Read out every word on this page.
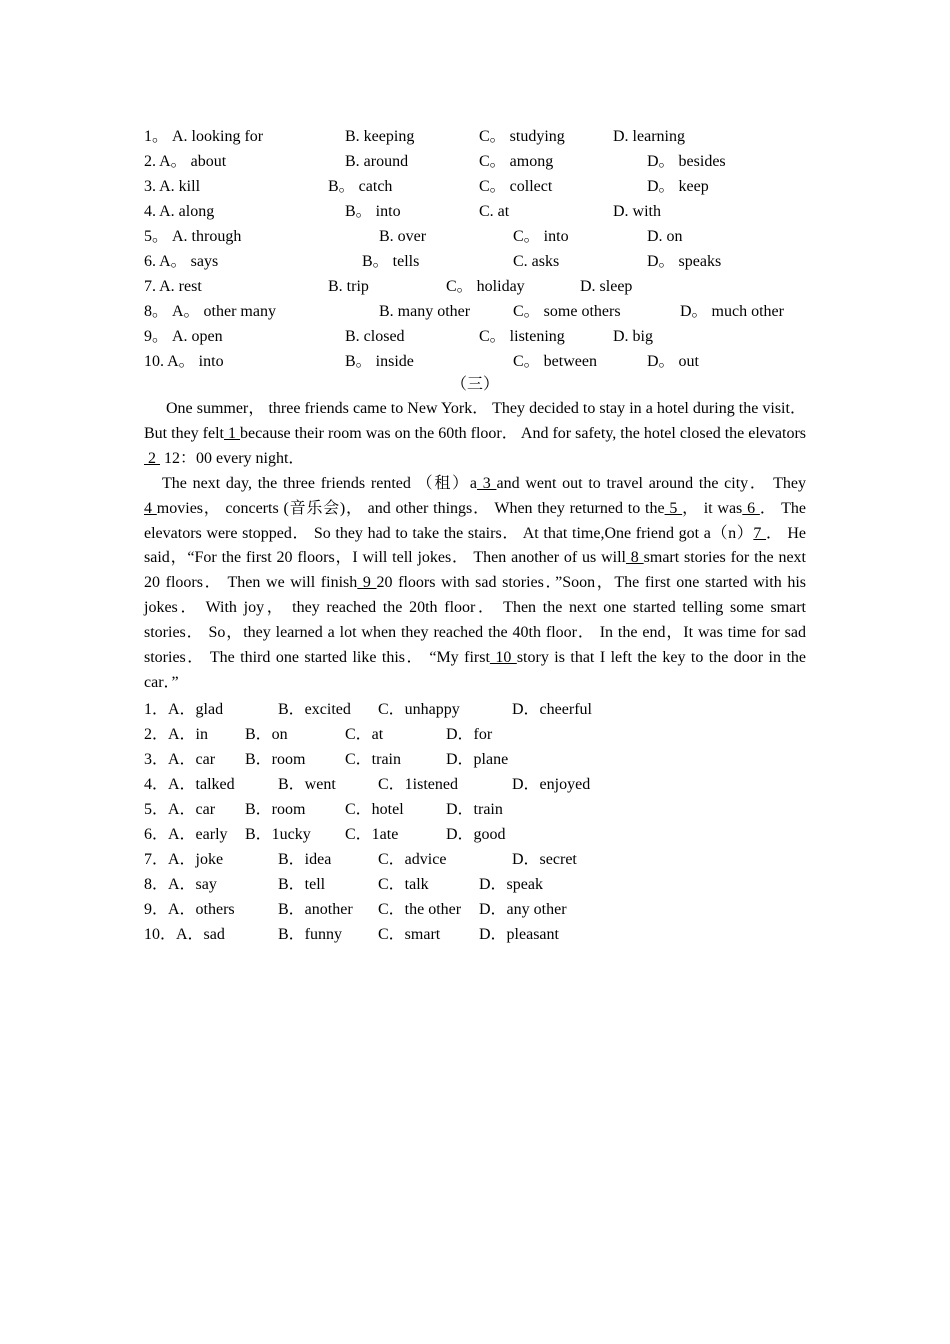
1。 A. looking for	B. keeping	C。 studying	D. learning
2. A。 about	B. around	C。 among	D。 besides
3. A. kill	B。 catch	C。 collect	D。 keep
4. A. along	B。 into	C. at	D. with
5。 A. through	B. over	C。 into	D. on
6. A。 says	B。 tells	C. asks	D。 speaks
7. A. rest	B. trip	C。 holiday	D. sleep
8。 A。 other many	B. many other	C。 some others	D。 much other
9。 A. open	B. closed	C。 listening	D. big
10. A。 into	B。 inside	C。 between	D。 out
（三）

One summer， three friends came to New York． They decided to stay in a hotel during the visit． But they felt 1 because their room was on the 60th floor． And for safety, the hotel closed the elevators 2  12：00 every night．

The next day, the three friends rented （租）a 3 and went out to travel around the city． They 4 movies， concerts (音乐会)， and other things． When they returned to the 5 ， it was 6 ． The elevators were stopped． So they had to take the stairs． At that time,One friend got a（n）7 ． He said，“For the first 20 floors，I will tell jokes． Then another of us will 8 smart stories for the next 20 floors． Then we will finish 9 20 floors with sad stories．”Soon，The first one started with his jokes． With joy， they reached the 20th floor． Then the next one started telling some smart stories． So，they learned a lot when they reached the 40th floor． In the end，It was time for sad stories． The third one started like this． “My first 10 story is that I left the key to the door in the car．”

1．A．glad	B．excited C．unhappy	D．cheerful
2．A．in B．on	C．at	D．for
3．A．car B．room C．train	D．plane
4．A．talked	B．went	C．1istened	D．enjoyed
5．A．car B．room C．hotel	D．train
6．A．early B．1ucky C．1ate	D．good
7．A．joke	B．idea	C．advice	D．secret
8．A．say	B．tell	C．talk	D．speak
9．A．others	B．another C．the other D．any other
10．A．sad	B．funny C．smart D．pleasant
